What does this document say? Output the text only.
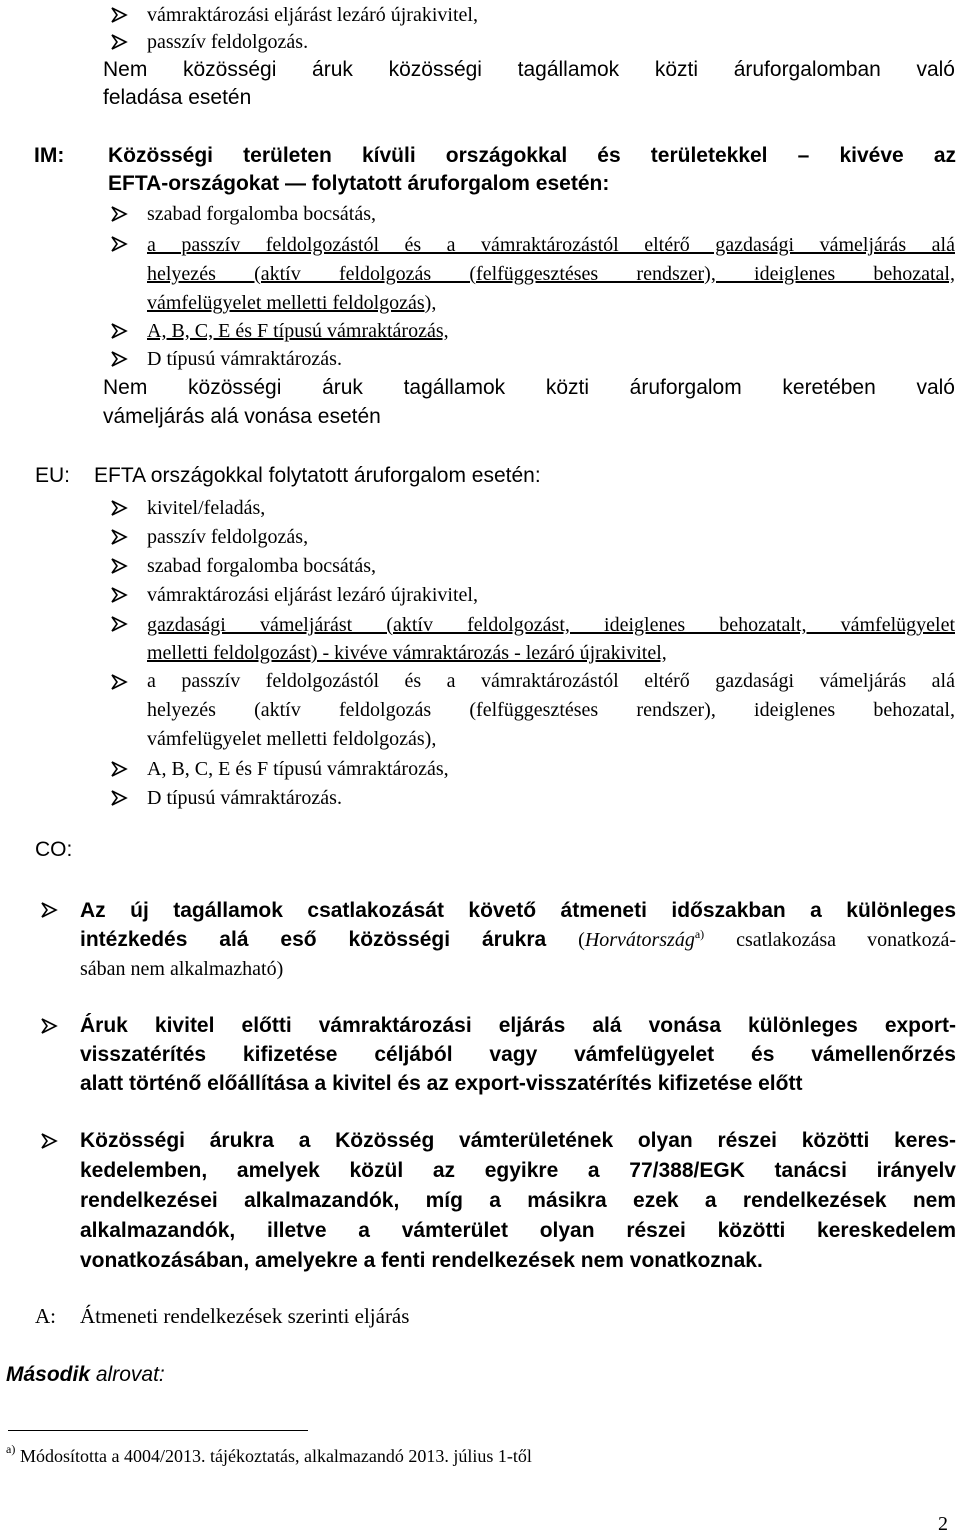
vámraktározási eljárást lezáró újrakivitel,
passzív feldolgozás.

Nem közösségi áruk közösségi tagállamok közti áruforgalomban való

feladása esetén

IM: Közösségi területen kívüli országokkal és területekkel – kivéve az

EFTA-országokat — folytatott áruforgalom esetén:

szabad forgalomba bocsátás,

a passzív feldolgozástól és a vámraktározástól eltérő gazdasági vámeljárás alá

helyezés (aktív feldolgozás (felfüggesztéses rendszer), ideiglenes behozatal,

vámfelügyelet melletti feldolgozás),

A, B, C, E és F típusú vámraktározás,
D típusú vámraktározás.

Nem közösségi áruk tagállamok közti áruforgalom keretében való

vámeljárás alá vonása esetén

EU: EFTA országokkal folytatott áruforgalom esetén:
kivitel/feladás,
passzív feldolgozás,
szabad forgalomba bocsátás,
vámraktározási eljárást lezáró újrakivitel,

gazdasági vámeljárást (aktív feldolgozást, ideiglenes behozatalt, vámfelügyelet

melletti feldolgozást) - kivéve vámraktározás - lezáró újrakivitel,

a passzív feldolgozástól és a vámraktározástól eltérő gazdasági vámeljárás alá

helyezés (aktív feldolgozás (felfüggesztéses rendszer), ideiglenes behozatal,

vámfelügyelet melletti feldolgozás),

A, B, C, E és F típusú vámraktározás,
D típusú vámraktározás.
CO:

Az új tagállamok csatlakozását követő átmeneti időszakban a különleges

intézkedés alá eső közösségi árukra (Horvátország$^{a)}$ csatlakozása vonatkozá-

sában nem alkalmazható)

Áruk kivitel előtti vámraktározási eljárás alá vonása különleges export-

visszatérítés kifizetése céljából vagy vámfelügyelet és vámellenőrzés

alatt történő előállítása a kivitel és az export-visszatérítés kifizetése előtt

Közösségi árukra a Közösség vámterületének olyan részei közötti keres-

kedelemben, amelyek közül az egyikre a 77/388/EGK tanácsi irányelv

rendelkezései alkalmazandók, míg a másikra ezek a rendelkezések nem

alkalmazandók, illetve a vámterület olyan részei közötti kereskedelem

vonatkozásában, amelyekre a fenti rendelkezések nem vonatkoznak.

A: Átmeneti rendelkezések szerinti eljárás
Második alrovat:
a) Módosította a 4004/2013. tájékoztatás, alkalmazandó 2013. július 1-től
2
